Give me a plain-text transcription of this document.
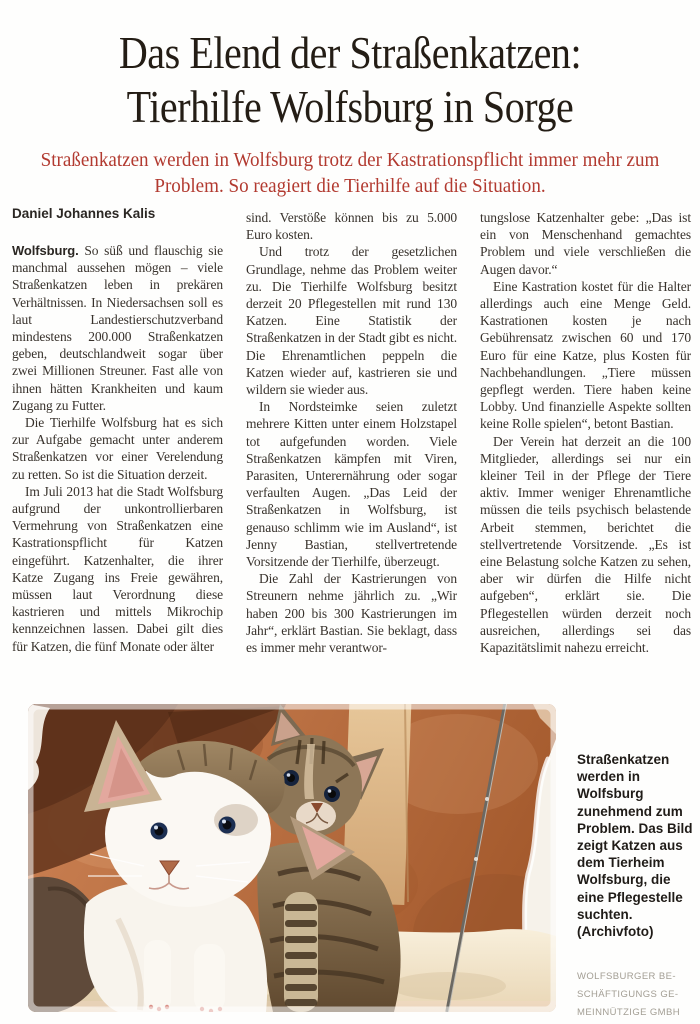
Das Elend der Straßenkatzen:
Tierhilfe Wolfsburg in Sorge
Straßenkatzen werden in Wolfsburg trotz der Kastrationspflicht immer mehr zum
Problem. So reagiert die Tierhilfe auf die Situation.
Daniel Johannes Kalis

Wolfsburg. So süß und flauschig sie manchmal aussehen mögen – viele Straßenkatzen leben in prekären Verhältnissen. In Niedersachsen soll es laut Landestierschutzverband mindestens 200.000 Straßenkatzen geben, deutschlandweit sogar über zwei Millionen Streuner. Fast alle von ihnen hätten Krankheiten und kaum Zugang zu Futter.

Die Tierhilfe Wolfsburg hat es sich zur Aufgabe gemacht unter anderem Straßenkatzen vor einer Verelendung zu retten. So ist die Situation derzeit.

Im Juli 2013 hat die Stadt Wolfsburg aufgrund der unkontrollierbaren Vermehrung von Straßenkatzen eine Kastrationspflicht für Katzen eingeführt. Katzenhalter, die ihrer Katze Zugang ins Freie gewähren, müssen laut Verordnung diese kastrieren und mittels Mikrochip kennzeichnen lassen. Dabei gilt dies für Katzen, die fünf Monate oder älter

sind. Verstöße können bis zu 5.000 Euro kosten.

Und trotz der gesetzlichen Grundlage, nehme das Problem weiter zu. Die Tierhilfe Wolfsburg besitzt derzeit 20 Pflegestellen mit rund 130 Katzen. Eine Statistik der Straßenkatzen in der Stadt gibt es nicht. Die Ehrenamtlichen peppeln die Katzen wieder auf, kastrieren sie und wildern sie wieder aus.

In Nordsteimke seien zuletzt mehrere Kitten unter einem Holzstapel tot aufgefunden worden. Viele Straßenkatzen kämpfen mit Viren, Parasiten, Unterernährung oder sogar verfaulten Augen. „Das Leid der Straßenkatzen in Wolfsburg, ist genauso schlimm wie im Ausland“, ist Jenny Bastian, stellvertretende Vorsitzende der Tierhilfe, überzeugt.

Die Zahl der Kastrierungen von Streunern nehme jährlich zu. „Wir haben 200 bis 300 Kastrierungen im Jahr“, erklärt Bastian. Sie beklagt, dass es immer mehr verantwor-

tungslose Katzenhalter gebe: „Das ist ein von Menschenhand gemachtes Problem und viele verschließen die Augen davor.“

Eine Kastration kostet für die Halter allerdings auch eine Menge Geld. Kastrationen kosten je nach Gebührensatz zwischen 60 und 170 Euro für eine Katze, plus Kosten für Nachbehandlungen. „Tiere müssen gepflegt werden. Tiere haben keine Lobby. Und finanzielle Aspekte sollten keine Rolle spielen“, betont Bastian.

Der Verein hat derzeit an die 100 Mitglieder, allerdings sei nur ein kleiner Teil in der Pflege der Tiere aktiv. Immer weniger Ehrenamtliche müssen die teils psychisch belastende Arbeit stemmen, berichtet die stellvertretende Vorsitzende. „Es ist eine Belastung solche Katzen zu sehen, aber wir dürfen die Hilfe nicht aufgeben“, erklärt sie. Die Pflegestellen würden derzeit noch ausreichen, allerdings sei das Kapazitätslimit nahezu erreicht.

Straßenkatzen werden in Wolfsburg zunehmend zum Problem. Das Bild zeigt Katzen aus dem Tierheim Wolfsburg, die eine Pflegestelle suchten. (Archivfoto)
WOLFSBURGER BE-
SCHÄFTIGUNGS GE-
MEINNÜTZIGE GMBH
